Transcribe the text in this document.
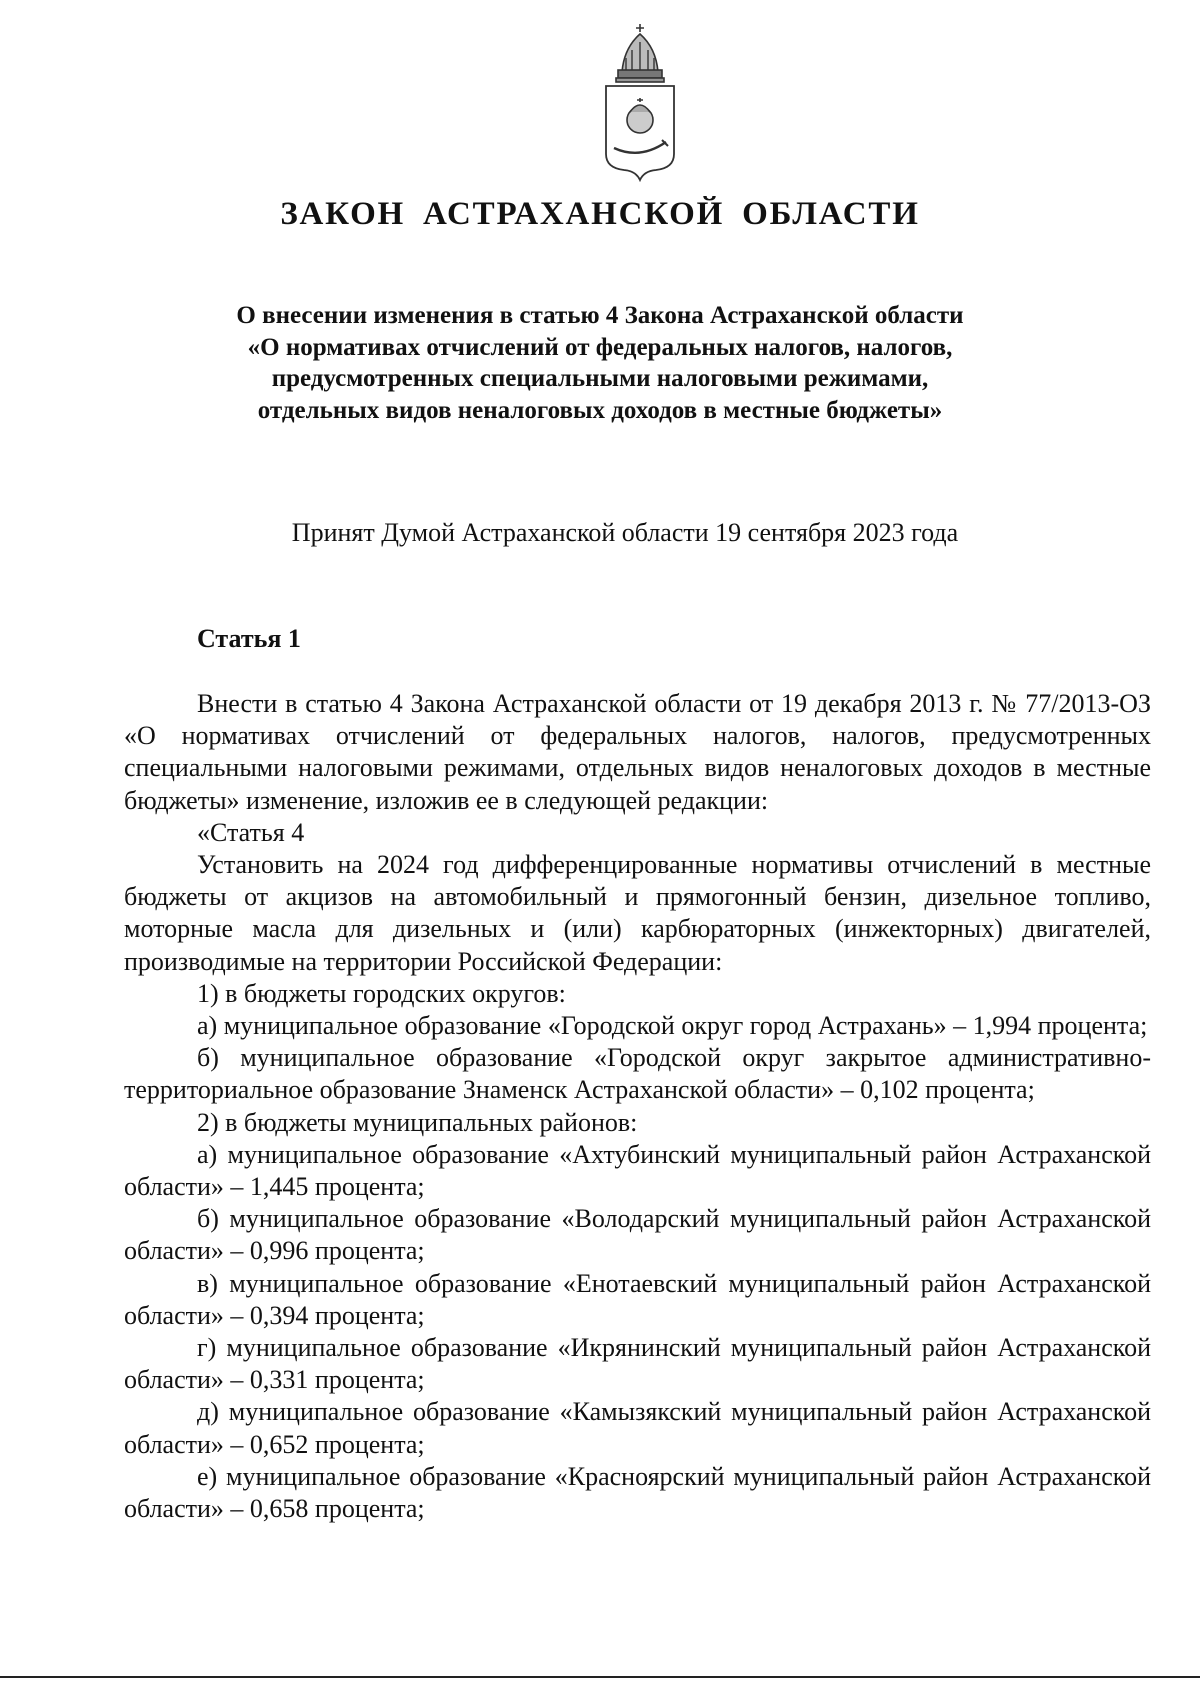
ЗАКОН АСТРАХАНСКОЙ ОБЛАСТИ
О внесении изменения в статью 4 Закона Астраханской области
«О нормативах отчислений от федеральных налогов, налогов,
предусмотренных специальными налоговыми режимами,
отдельных видов неналоговых доходов в местные бюджеты»
Принят Думой Астраханской области 19 сентября 2023 года
Статья 1

Внести в статью 4 Закона Астраханской области от 19 декабря 2013 г. № 77/2013-ОЗ «О нормативах отчислений от федеральных налогов, налогов, предусмотренных специальными налоговыми режимами, отдельных видов неналоговых доходов в местные бюджеты» изменение, изложив ее в следующей редакции:

«Статья 4

Установить на 2024 год дифференцированные нормативы отчислений в местные бюджеты от акцизов на автомобильный и прямогонный бензин, дизельное топливо, моторные масла для дизельных и (или) карбюраторных (инжекторных) двигателей, производимые на территории Российской Федерации:

1) в бюджеты городских округов:

а) муниципальное образование «Городской округ город Астрахань» – 1,994 процента;

б) муниципальное образование «Городской округ закрытое административно-территориальное образование Знаменск Астраханской области» – 0,102 процента;

2) в бюджеты муниципальных районов:

а) муниципальное образование «Ахтубинский муниципальный район Астраханской области» – 1,445 процента;

б) муниципальное образование «Володарский муниципальный район Астраханской области» – 0,996 процента;

в) муниципальное образование «Енотаевский муниципальный район Астраханской области» – 0,394 процента;

г) муниципальное образование «Икрянинский муниципальный район Астраханской области» – 0,331 процента;

д) муниципальное образование «Камызякский муниципальный район Астраханской области» – 0,652 процента;

е) муниципальное образование «Красноярский муниципальный район Астраханской области» – 0,658 процента;
